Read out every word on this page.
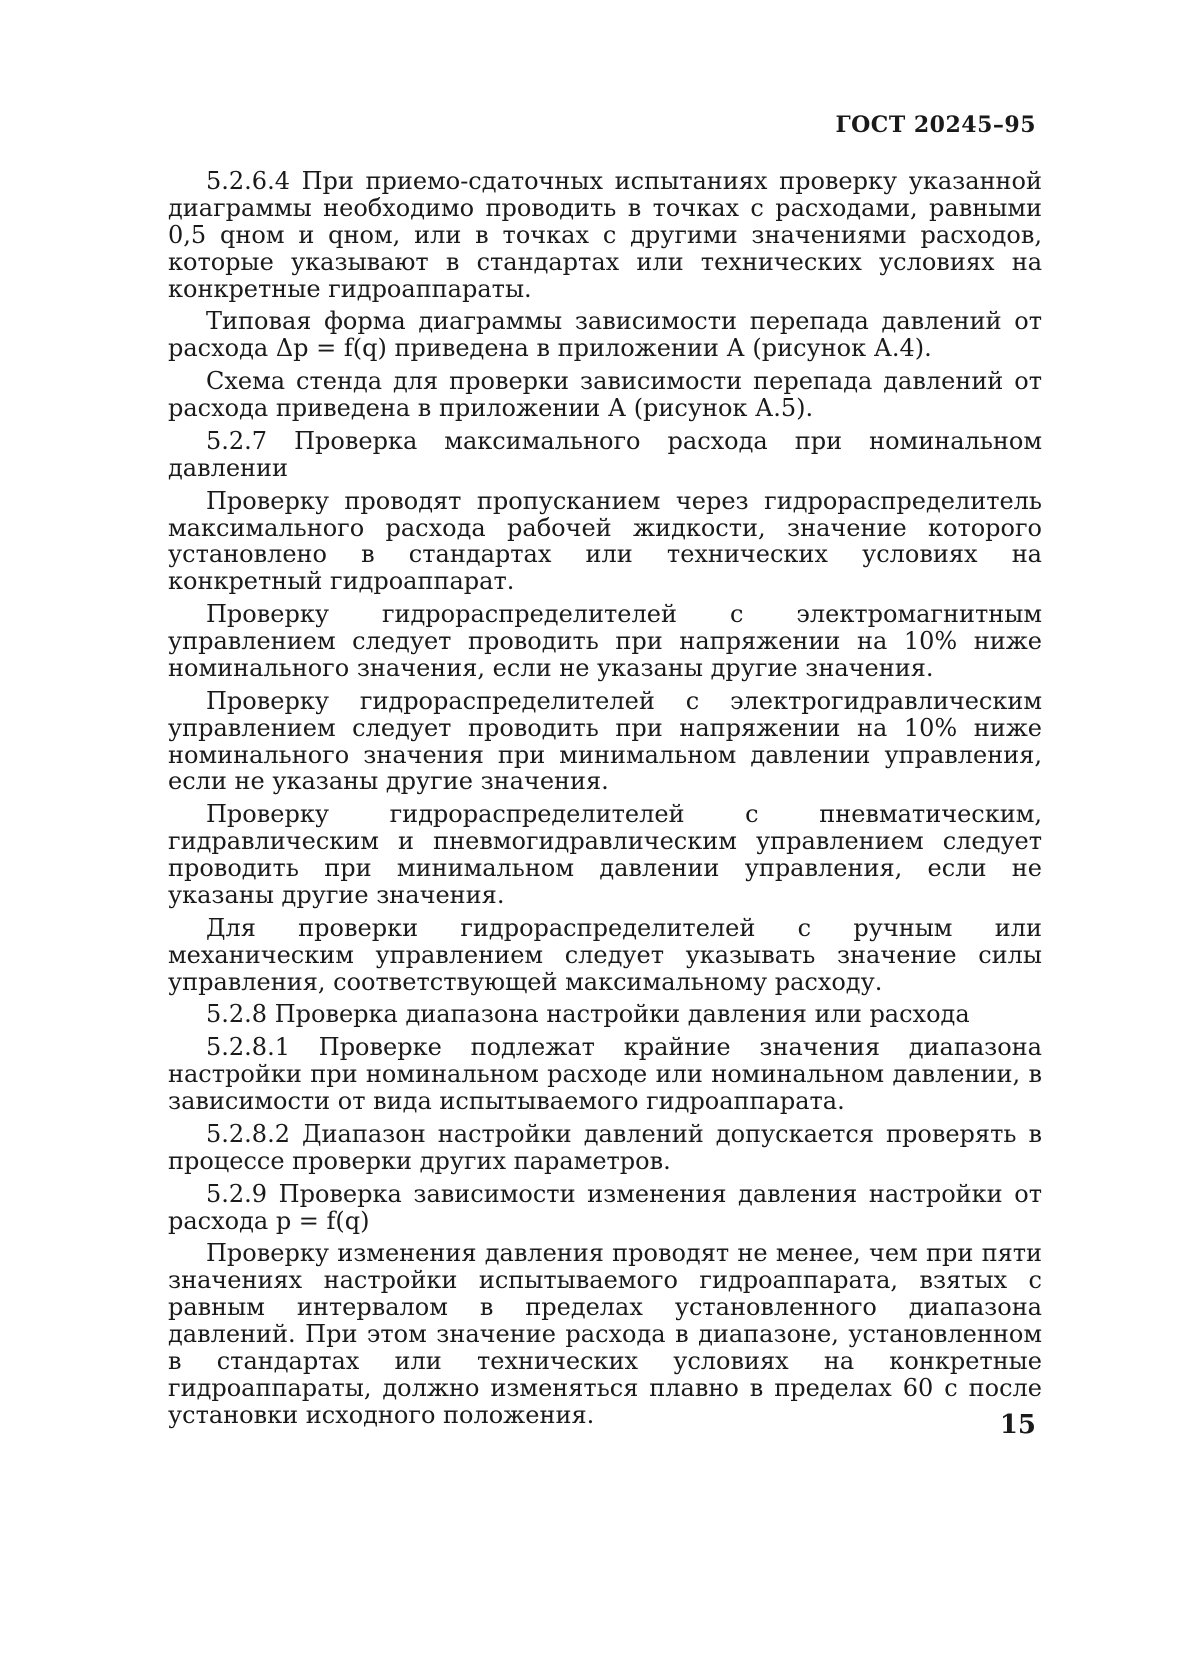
ГОСТ 20245–95

5.2.6.4 При приемо-сдаточных испытаниях проверку указанной диаграммы необходимо проводить в точках с расходами, равными 0,5 qном и qном, или в точках с другими значениями расходов, которые указывают в стандартах или технических условиях на конкретные гидроаппараты.

Типовая форма диаграммы зависимости перепада давлений от расхода Δp = f(q) приведена в приложении А (рисунок А.4).

Схема стенда для проверки зависимости перепада давлений от расхода приведена в приложении А (рисунок А.5).

5.2.7 Проверка максимального расхода при номинальном давлении

Проверку проводят пропусканием через гидрораспределитель максимального расхода рабочей жидкости, значение которого установлено в стандартах или технических условиях на конкретный гидроаппарат.

Проверку гидрораспределителей с электромагнитным управлением следует проводить при напряжении на 10% ниже номинального значения, если не указаны другие значения.

Проверку гидрораспределителей с электрогидравлическим управлением следует проводить при напряжении на 10% ниже номинального значения при минимальном давлении управления, если не указаны другие значения.

Проверку гидрораспределителей с пневматическим, гидравлическим и пневмогидравлическим управлением следует проводить при минимальном давлении управления, если не указаны другие значения.

Для проверки гидрораспределителей с ручным или механическим управлением следует указывать значение силы управления, соответствующей максимальному расходу.

5.2.8 Проверка диапазона настройки давления или расхода

5.2.8.1 Проверке подлежат крайние значения диапазона настройки при номинальном расходе или номинальном давлении, в зависимости от вида испытываемого гидроаппарата.

5.2.8.2 Диапазон настройки давлений допускается проверять в процессе проверки других параметров.

5.2.9 Проверка зависимости изменения давления настройки от расхода p = f(q)

Проверку изменения давления проводят не менее, чем при пяти значениях настройки испытываемого гидроаппарата, взятых с равным интервалом в пределах установленного диапазона давлений. При этом значение расхода в диапазоне, установленном в стандартах или технических условиях на конкретные гидроаппараты, должно изменяться плавно в пределах 60 с после установки исходного положения.	15
